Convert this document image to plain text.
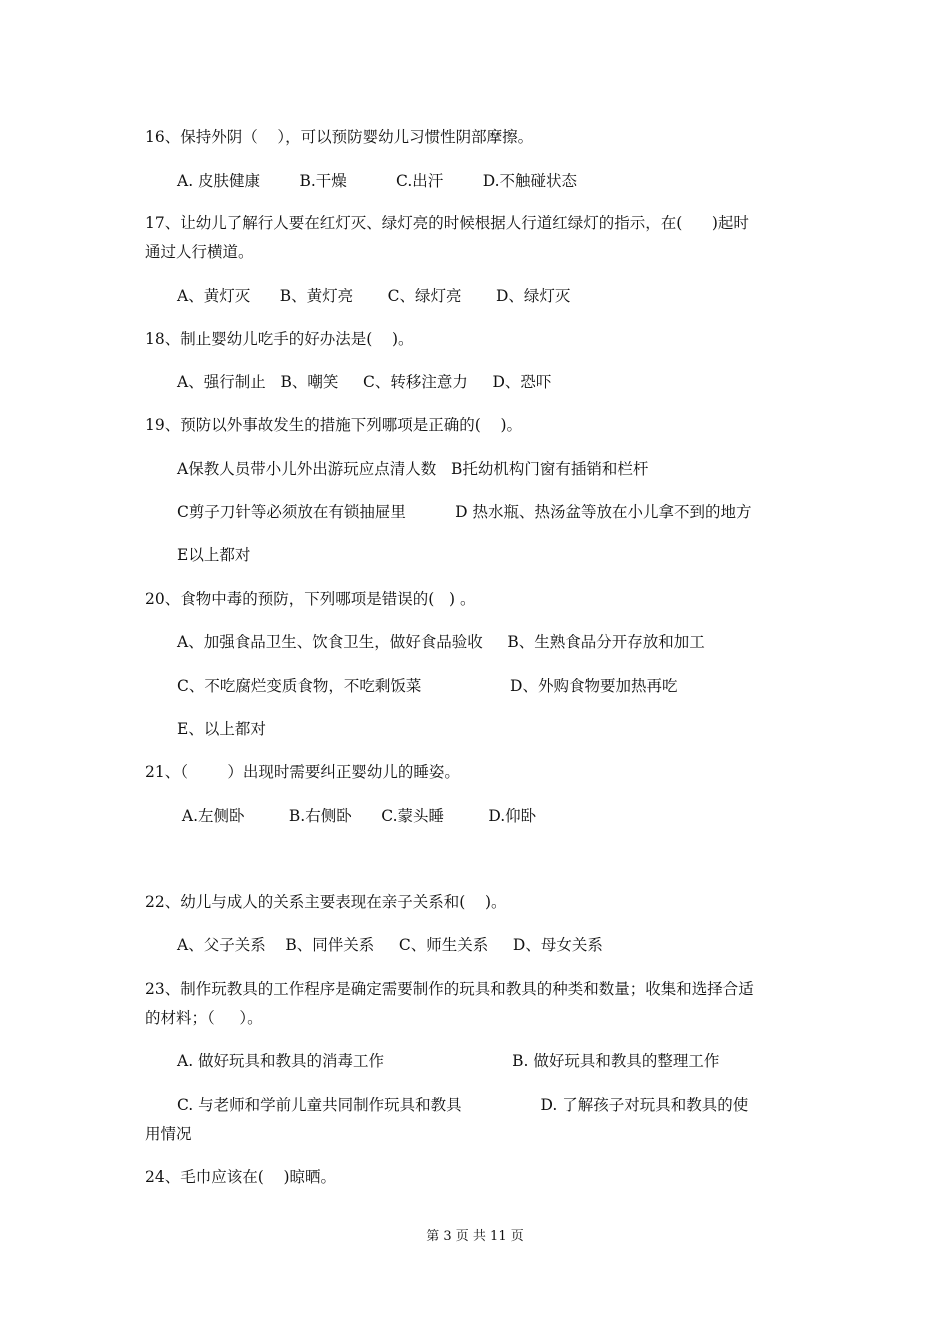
16、保持外阴（    ），可以预防婴幼儿习惯性阴部摩擦。
A. 皮肤健康        B.干燥          C.出汗        D.不触碰状态
17、让幼儿了解行人要在红灯灭、绿灯亮的时候根据人行道红绿灯的指示，在(      )起时
通过人行横道。
A、黄灯灭      B、黄灯亮       C、绿灯亮       D、绿灯灭
18、制止婴幼儿吃手的好办法是(    )。
A、强行制止   B、嘲笑     C、转移注意力     D、恐吓
19、预防以外事故发生的措施下列哪项是正确的(    )。
A保教人员带小儿外出游玩应点清人数   B托幼机构门窗有插销和栏杆
C剪子刀针等必须放在有锁抽屉里          D 热水瓶、热汤盆等放在小儿拿不到的地方
E以上都对
20、食物中毒的预防，下列哪项是错误的(   ) 。
A、加强食品卫生、饮食卫生，做好食品验收     B、生熟食品分开存放和加工
C、不吃腐烂变质食物，不吃剩饭菜                  D、外购食物要加热再吃
E、以上都对
21、（        ）出现时需要纠正婴幼儿的睡姿。
A.左侧卧         B.右侧卧      C.蒙头睡         D.仰卧
22、幼儿与成人的关系主要表现在亲子关系和(    )。
A、父子关系    B、同伴关系     C、师生关系     D、母女关系
23、制作玩教具的工作程序是确定需要制作的玩具和教具的种类和数量；收集和选择合适
的材料；（     ）。
A. 做好玩具和教具的消毒工作                          B. 做好玩具和教具的整理工作
C. 与老师和学前儿童共同制作玩具和教具                D. 了解孩子对玩具和教具的使
用情况
24、毛巾应该在(    )晾晒。
第 3 页 共 11 页
